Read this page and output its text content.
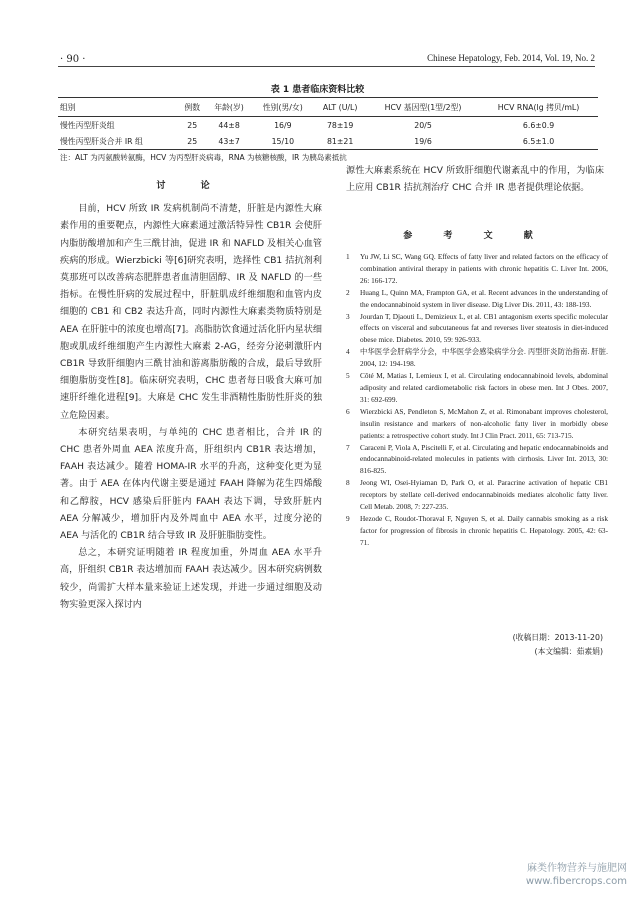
· 90 ·	Chinese Hepatology, Feb. 2014, Vol. 19, No. 2
表 1 患者临床资料比较
组别	例数	年龄(岁)	性别(男/女)	ALT (U/L)	HCV 基因型(1型/2型)	HCV RNA(lg 拷贝/mL)
慢性丙型肝炎组	25	44±8	16/9	78±19	20/5	6.6±0.9
慢性丙型肝炎合并 IR 组	25	43±7	15/10	81±21	19/6	6.5±1.0
注：ALT 为丙氨酸转氨酶，HCV 为丙型肝炎病毒，RNA 为核糖核酸，IR 为胰岛素抵抗

讨 论

目前，HCV 所致 IR 发病机制尚不清楚，肝脏是内源性大麻素作用的重要靶点，内源性大麻素通过激活特异性 CB1R 会使肝内脂肪酸增加和产生三酰甘油，促进 IR 和 NAFLD 及相关心血管疾病的形成。Wierzbicki 等[6]研究表明，选择性 CB1 拮抗剂利莫那班可以改善病态肥胖患者血清胆固醇、IR 及 NAFLD 的一些指标。在慢性肝病的发展过程中，肝脏肌成纤维细胞和血管内皮细胞的 CB1 和 CB2 表达升高，同时内源性大麻素类物质特别是 AEA 在肝脏中的浓度也增高[7]。高脂肪饮食通过活化肝内星状细胞或肌成纤维细胞产生内源性大麻素 2-AG，经旁分泌刺激肝内 CB1R 导致肝细胞内三酰甘油和游离脂肪酸的合成，最后导致肝细胞脂肪变性[8]。临床研究表明，CHC 患者每日吸食大麻可加速肝纤维化进程[9]。大麻是 CHC 发生非酒精性脂肪性肝炎的独立危险因素。

本研究结果表明，与单纯的 CHC 患者相比，合并 IR 的 CHC 患者外周血 AEA 浓度升高，肝组织内 CB1R 表达增加，FAAH 表达减少。随着 HOMA-IR 水平的升高，这种变化更为显著。由于 AEA 在体内代谢主要是通过 FAAH 降解为花生四烯酸和乙醇胺，HCV 感染后肝脏内 FAAH 表达下调，导致肝脏内 AEA 分解减少，增加肝内及外周血中 AEA 水平，过度分泌的 AEA 与活化的 CB1R 结合导致 IR 及肝脏脂肪变性。

总之，本研究证明随着 IR 程度加重，外周血 AEA 水平升高，肝组织 CB1R 表达增加而 FAAH 表达减少。因本研究病例数较少，尚需扩大样本量来验证上述发现，并进一步通过细胞及动物实验更深入探讨内

源性大麻素系统在 HCV 所致肝细胞代谢紊乱中的作用，为临床上应用 CB1R 拮抗剂治疗 CHC 合并 IR 患者提供理论依据。

参 考 文 献
1 Yu JW, Li SC, Wang GQ. Effects of fatty liver and related factors on the efficacy of combination antiviral therapy in patients with chronic hepatitis C. Liver Int. 2006, 26: 166-172.
2 Huang L, Quinn MA, Frampton GA, et al. Recent advances in the understanding of the endocannabinoid system in liver disease. Dig Liver Dis. 2011, 43: 188-193.
3 Jourdan T, Djaouti L, Demizieux L, et al. CB1 antagonism exerts specific molecular effects on visceral and subcutaneous fat and reverses liver steatosis in diet-induced obese mice. Diabetes. 2010, 59: 926-933.
4 中华医学会肝病学分会，中华医学会感染病学分会. 丙型肝炎防治指南. 肝脏. 2004, 12: 194-198.
5 Côté M, Matias I, Lemieux I, et al. Circulating endocannabinoid levels, abdominal adiposity and related cardiometabolic risk factors in obese men. Int J Obes. 2007, 31: 692-699.
6 Wierzbicki AS, Pendleton S, McMahon Z, et al. Rimonabant improves cholesterol, insulin resistance and markers of non-alcoholic fatty liver in morbidly obese patients: a retrospective cohort study. Int J Clin Pract. 2011, 65: 713-715.
7 Caraceni P, Viola A, Piscitelli F, et al. Circulating and hepatic endocannabinoids and endocannabinoid-related molecules in patients with cirrhosis. Liver Int. 2013, 30: 816-825.
8 Jeong WI, Osei-Hyiaman D, Park O, et al. Paracrine activation of hepatic CB1 receptors by stellate cell-derived endocannabinoids mediates alcoholic fatty liver. Cell Metab. 2008, 7: 227-235.
9 Hezode C, Roudot-Thoraval F, Nguyen S, et al. Daily cannabis smoking as a risk factor for progression of fibrosis in chronic hepatitis C. Hepatology. 2005, 42: 63-71.
(收稿日期：2013-11-20)
(本文编辑：茹素娟)
麻类作物营养与施肥网
www.fibercrops.com
